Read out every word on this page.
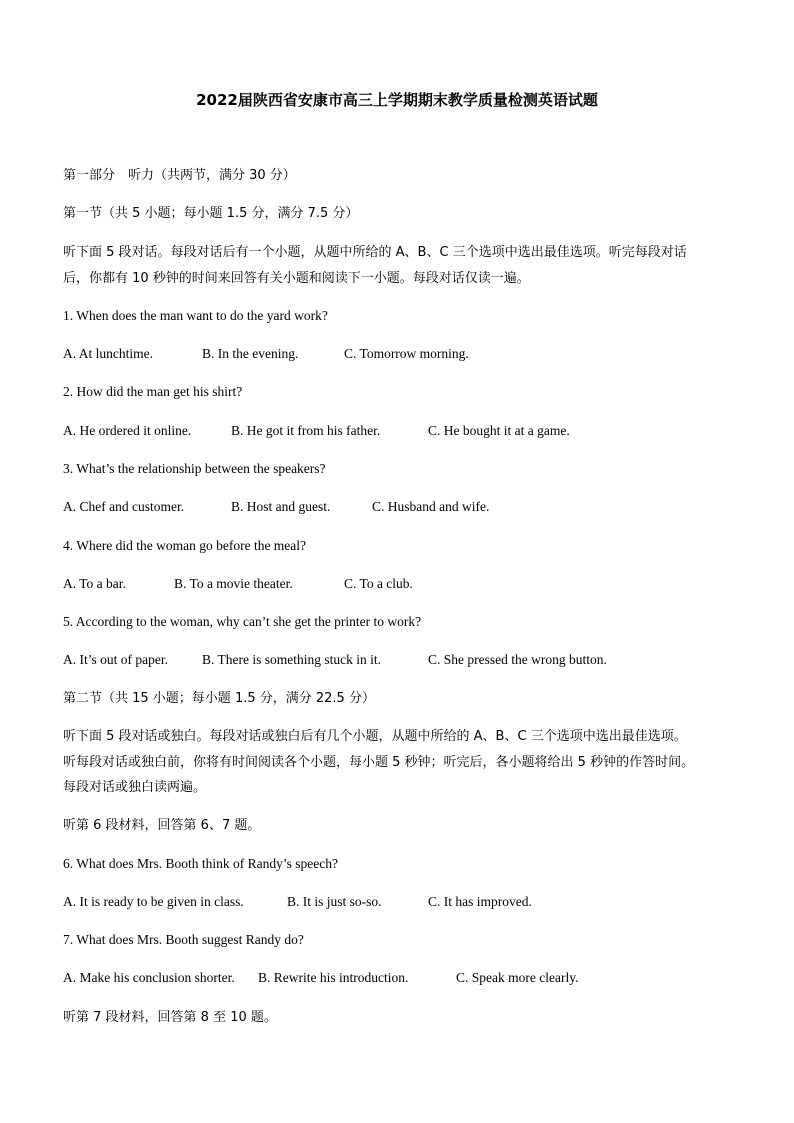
2022届陕西省安康市高三上学期期末教学质量检测英语试题
第一部分　听力（共两节，满分 30 分）
第一节（共 5 小题；每小题 1.5 分，满分 7.5 分）
听下面 5 段对话。每段对话后有一个小题，从题中所给的 A、B、C 三个选项中选出最佳选项。听完每段对话
后，你都有 10 秒钟的时间来回答有关小题和阅读下一小题。每段对话仅读一遍。
1. When does the man want to do the yard work?
A. At lunchtime.	B. In the evening.	C. Tomorrow morning.
2. How did the man get his shirt?
A. He ordered it online.	B. He got it from his father.	C. He bought it at a game.
3. What’s the relationship between the speakers?
A. Chef and customer.	B. Host and guest.	C. Husband and wife.
4. Where did the woman go before the meal?
A. To a bar.	B. To a movie theater.	C. To a club.
5. According to the woman, why can’t she get the printer to work?
A. It’s out of paper.	B. There is something stuck in it.	C. She pressed the wrong button.
第二节（共 15 小题；每小题 1.5 分，满分 22.5 分）
听下面 5 段对话或独白。每段对话或独白后有几个小题，从题中所给的 A、B、C 三个选项中选出最佳选项。
听每段对话或独白前，你将有时间阅读各个小题，每小题 5 秒钟；听完后，各小题将给出 5 秒钟的作答时间。
每段对话或独白读两遍。
听第 6 段材料，回答第 6、7 题。
6. What does Mrs. Booth think of Randy’s speech?
A. It is ready to be given in class.	B. It is just so-so.	C. It has improved.
7. What does Mrs. Booth suggest Randy do?
A. Make his conclusion shorter. B. Rewrite his introduction.	C. Speak more clearly.
听第 7 段材料，回答第 8 至 10 题。
